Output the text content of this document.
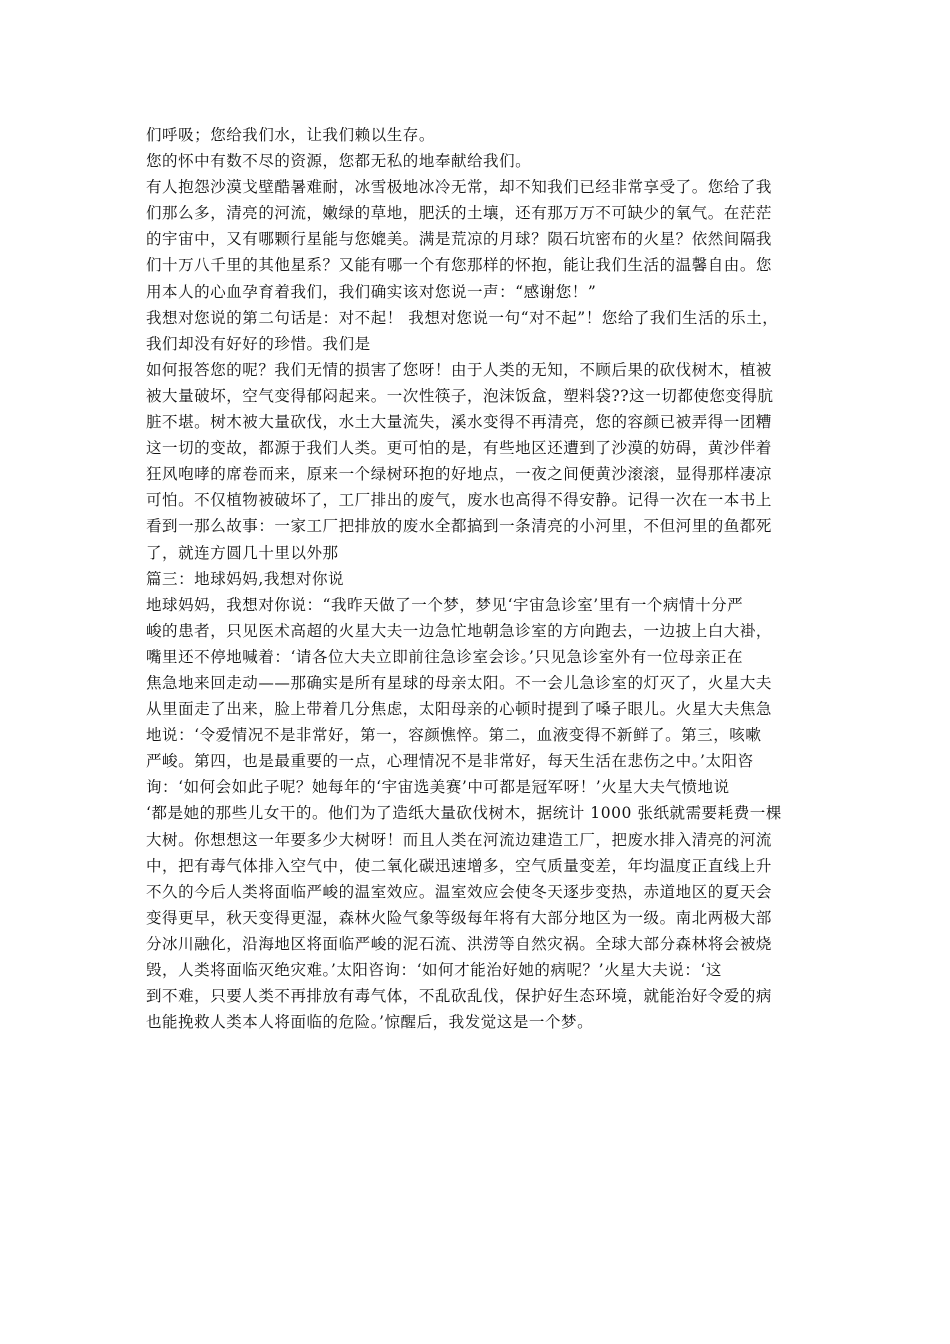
们呼吸；您给我们水，让我们赖以生存。
您的怀中有数不尽的资源，您都无私的地奉献给我们。
有人抱怨沙漠戈壁酷暑难耐，冰雪极地冰冷无常，却不知我们已经非常享受了。您给了我
们那么多，清亮的河流，嫩绿的草地，肥沃的土壤，还有那万万不可缺少的氧气。在茫茫
的宇宙中，又有哪颗行星能与您媲美。满是荒凉的月球？陨石坑密布的火星？依然间隔我
们十万八千里的其他星系？又能有哪一个有您那样的怀抱，能让我们生活的温馨自由。您
用本人的心血孕育着我们，我们确实该对您说一声：“感谢您！”
我想对您说的第二句话是：对不起！ 我想对您说一句“对不起”！您给了我们生活的乐土，
我们却没有好好的珍惜。我们是
如何报答您的呢？我们无情的损害了您呀！由于人类的无知，不顾后果的砍伐树木，植被
被大量破坏，空气变得郁闷起来。一次性筷子，泡沫饭盒，塑料袋??这一切都使您变得肮
脏不堪。树木被大量砍伐，水土大量流失，溪水变得不再清亮，您的容颜已被弄得一团糟
这一切的变故，都源于我们人类。更可怕的是，有些地区还遭到了沙漠的妨碍，黄沙伴着
狂风咆哮的席卷而来，原来一个绿树环抱的好地点，一夜之间便黄沙滚滚，显得那样凄凉
可怕。不仅植物被破坏了，工厂排出的废气，废水也高得不得安静。记得一次在一本书上
看到一那么故事：一家工厂把排放的废水全都搞到一条清亮的小河里，不但河里的鱼都死
了，就连方圆几十里以外那
篇三：地球妈妈,我想对你说
地球妈妈，我想对你说：“我昨天做了一个梦，梦见‘宇宙急诊室’里有一个病情十分严
峻的患者，只见医术高超的火星大夫一边急忙地朝急诊室的方向跑去，一边披上白大褂，
嘴里还不停地喊着：‘请各位大夫立即前往急诊室会诊。’只见急诊室外有一位母亲正在
焦急地来回走动——那确实是所有星球的母亲太阳。不一会儿急诊室的灯灭了，火星大夫
从里面走了出来，脸上带着几分焦虑，太阳母亲的心顿时提到了嗓子眼儿。火星大夫焦急
地说：‘令爱情况不是非常好，第一，容颜憔悴。第二，血液变得不新鲜了。第三，咳嗽
严峻。第四，也是最重要的一点，心理情况不是非常好，每天生活在悲伤之中。’太阳咨
询：‘如何会如此子呢？她每年的‘宇宙选美赛’中可都是冠军呀！’火星大夫气愤地说
‘都是她的那些儿女干的。他们为了造纸大量砍伐树木，据统计 1000 张纸就需要耗费一棵
大树。你想想这一年要多少大树呀！而且人类在河流边建造工厂，把废水排入清亮的河流
中，把有毒气体排入空气中，使二氧化碳迅速增多，空气质量变差，年均温度正直线上升
不久的今后人类将面临严峻的温室效应。温室效应会使冬天逐步变热，赤道地区的夏天会
变得更早，秋天变得更湿，森林火险气象等级每年将有大部分地区为一级。南北两极大部
分冰川融化，沿海地区将面临严峻的泥石流、洪涝等自然灾祸。全球大部分森林将会被烧
毁，人类将面临灭绝灾难。’太阳咨询：‘如何才能治好她的病呢？’火星大夫说：‘这
到不难，只要人类不再排放有毒气体，不乱砍乱伐，保护好生态环境，就能治好令爱的病
也能挽救人类本人将面临的危险。’惊醒后，我发觉这是一个梦。
